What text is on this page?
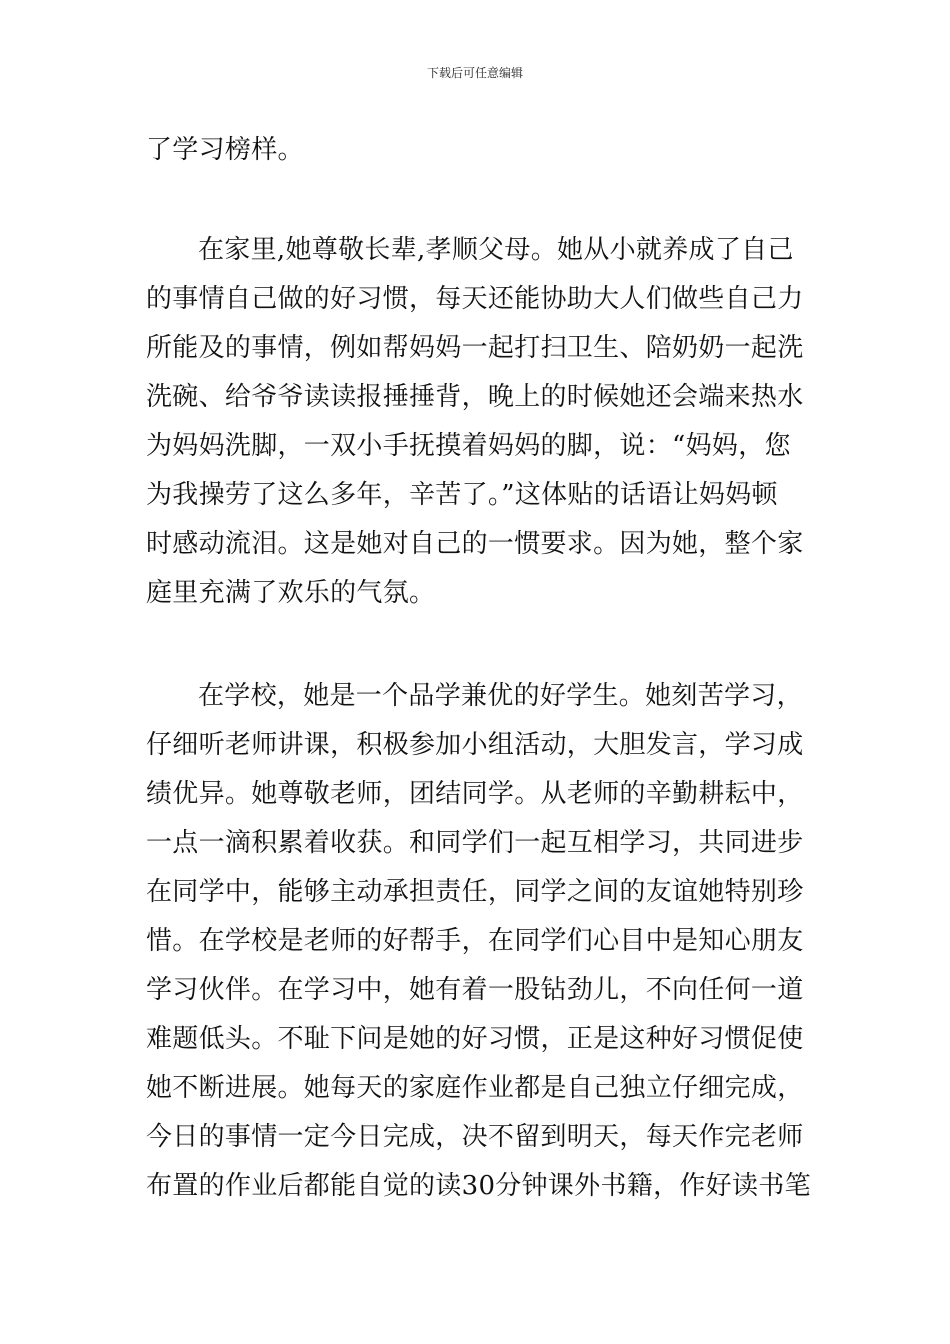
下载后可任意编辑
了学习榜样。
在家里,她尊敬长辈,孝顺父母。她从小就养成了自己
的事情自己做的好习惯，每天还能协助大人们做些自己力
所能及的事情，例如帮妈妈一起打扫卫生、陪奶奶一起洗
洗碗、给爷爷读读报捶捶背，晚上的时候她还会端来热水
为妈妈洗脚，一双小手抚摸着妈妈的脚，说：“妈妈，您
为我操劳了这么多年，辛苦了。”这体贴的话语让妈妈顿
时感动流泪。这是她对自己的一惯要求。因为她，整个家
庭里充满了欢乐的气氛。
在学校，她是一个品学兼优的好学生。她刻苦学习，
仔细听老师讲课，积极参加小组活动，大胆发言，学习成
绩优异。她尊敬老师，团结同学。从老师的辛勤耕耘中，
一点一滴积累着收获。和同学们一起互相学习，共同进步
在同学中，能够主动承担责任，同学之间的友谊她特别珍
惜。在学校是老师的好帮手，在同学们心目中是知心朋友
学习伙伴。在学习中，她有着一股钻劲儿，不向任何一道
难题低头。不耻下问是她的好习惯，正是这种好习惯促使
她不断进展。她每天的家庭作业都是自己独立仔细完成，
今日的事情一定今日完成，决不留到明天，每天作完老师
布置的作业后都能自觉的读30分钟课外书籍，作好读书笔
